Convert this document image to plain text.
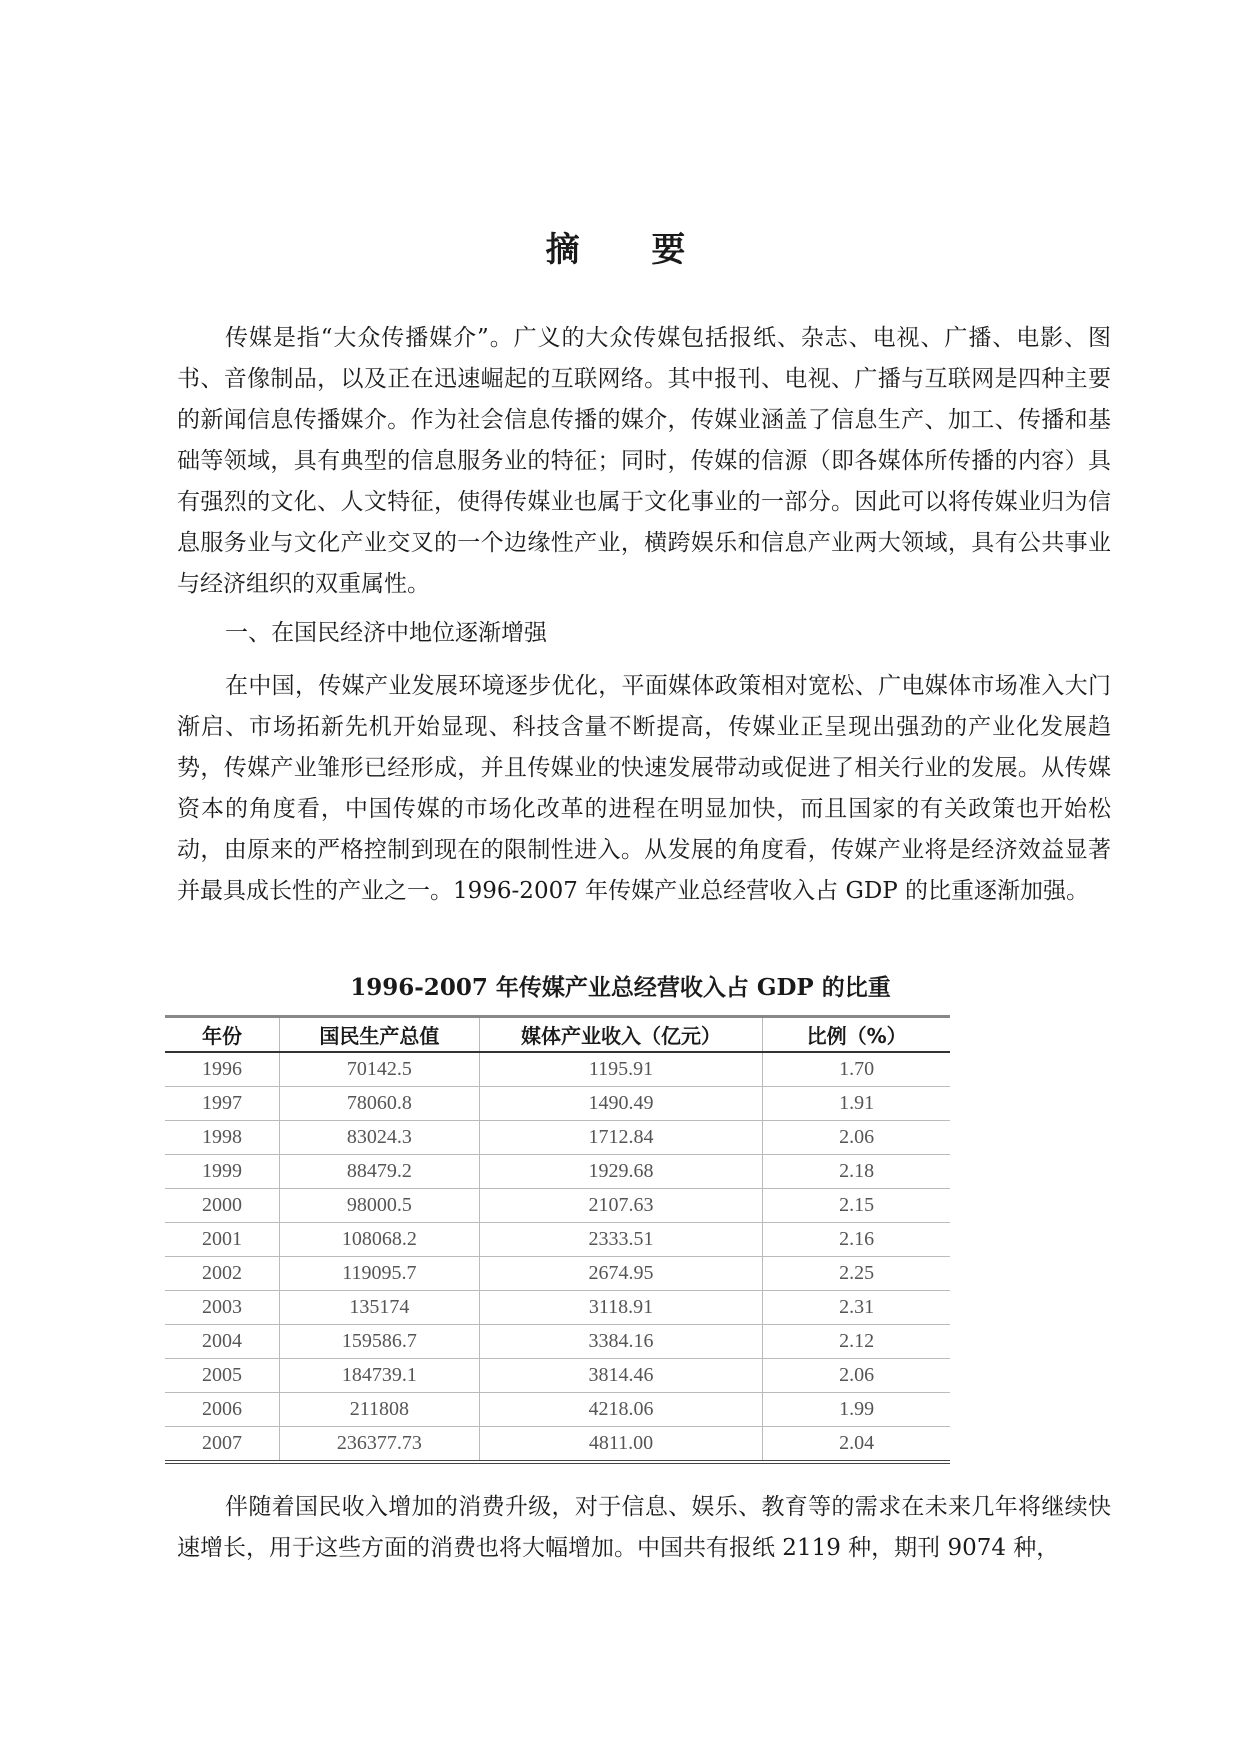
摘 要

传媒是指“大众传播媒介”。广义的大众传媒包括报纸、杂志、电视、广播、电影、图书、音像制品，以及正在迅速崛起的互联网络。其中报刊、电视、广播与互联网是四种主要的新闻信息传播媒介。作为社会信息传播的媒介，传媒业涵盖了信息生产、加工、传播和基础等领域，具有典型的信息服务业的特征；同时，传媒的信源（即各媒体所传播的内容）具有强烈的文化、人文特征，使得传媒业也属于文化事业的一部分。因此可以将传媒业归为信息服务业与文化产业交叉的一个边缘性产业，横跨娱乐和信息产业两大领域，具有公共事业与经济组织的双重属性。

一、在国民经济中地位逐渐增强

在中国，传媒产业发展环境逐步优化，平面媒体政策相对宽松、广电媒体市场准入大门渐启、市场拓新先机开始显现、科技含量不断提高，传媒业正呈现出强劲的产业化发展趋势，传媒产业雏形已经形成，并且传媒业的快速发展带动或促进了相关行业的发展。从传媒资本的角度看，中国传媒的市场化改革的进程在明显加快，而且国家的有关政策也开始松动，由原来的严格控制到现在的限制性进入。从发展的角度看，传媒产业将是经济效益显著并最具成长性的产业之一。1996-2007 年传媒产业总经营收入占 GDP 的比重逐渐加强。

1996-2007 年传媒产业总经营收入占 GDP 的比重
年份	国民生产总值	媒体产业收入（亿元）	比例（%）
1996	70142.5	1195.91	1.70
1997	78060.8	1490.49	1.91
1998	83024.3	1712.84	2.06
1999	88479.2	1929.68	2.18
2000	98000.5	2107.63	2.15
2001	108068.2	2333.51	2.16
2002	119095.7	2674.95	2.25
2003	135174	3118.91	2.31
2004	159586.7	3384.16	2.12
2005	184739.1	3814.46	2.06
2006	211808	4218.06	1.99
2007	236377.73	4811.00	2.04

伴随着国民收入增加的消费升级，对于信息、娱乐、教育等的需求在未来几年将继续快速增长，用于这些方面的消费也将大幅增加。中国共有报纸 2119 种，期刊 9074 种，
